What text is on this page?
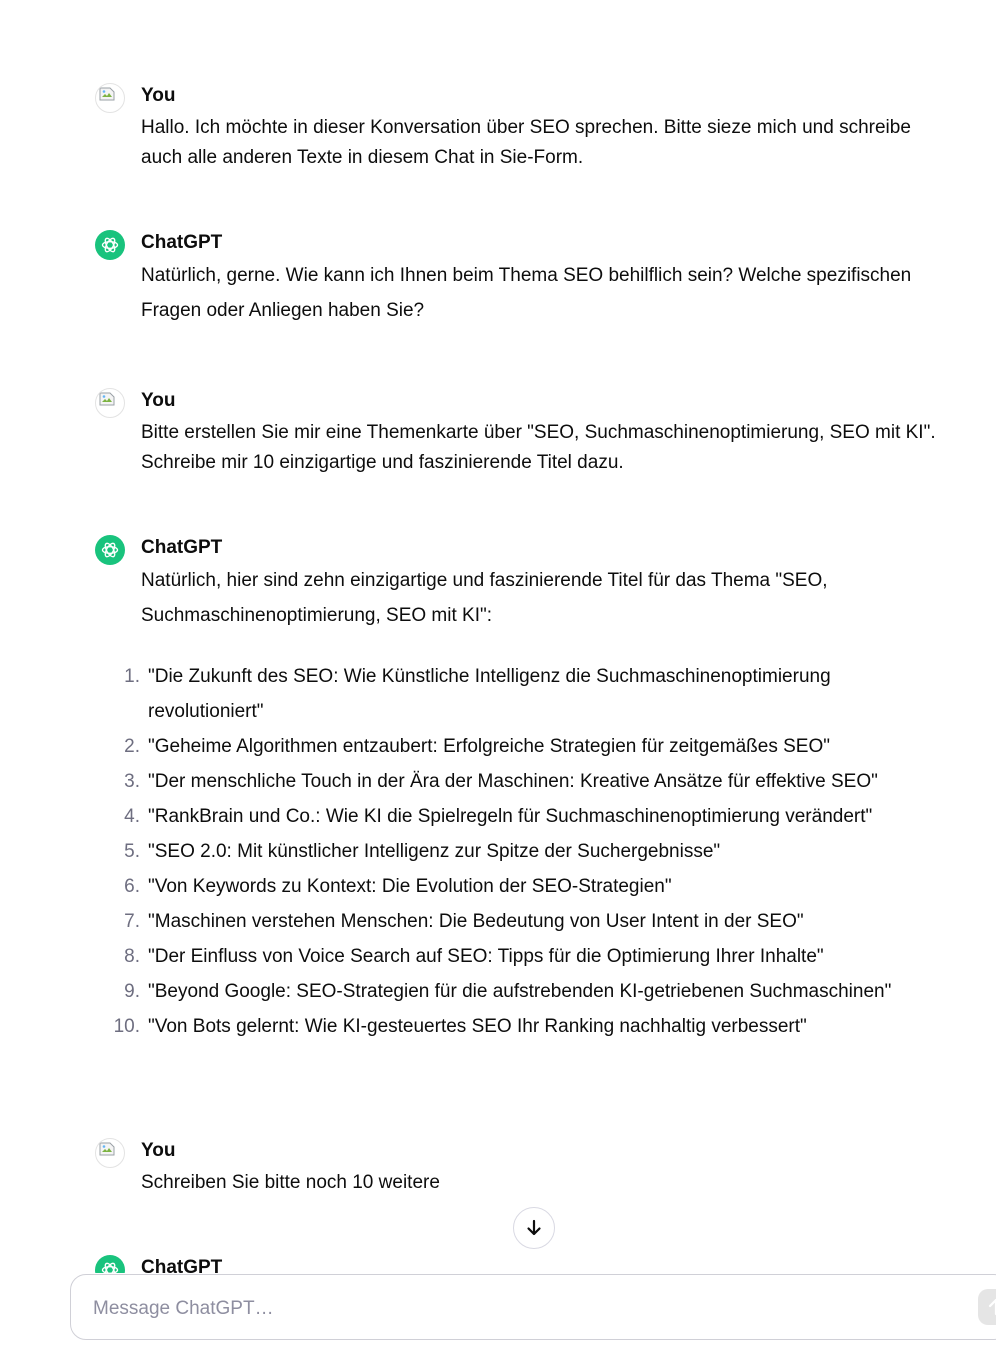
You
Hallo. Ich möchte in dieser Konversation über SEO sprechen. Bitte sieze mich und schreibe auch alle anderen Texte in diesem Chat in Sie-Form.
ChatGPT
Natürlich, gerne. Wie kann ich Ihnen beim Thema SEO behilflich sein? Welche spezifischen Fragen oder Anliegen haben Sie?
You
Bitte erstellen Sie mir eine Themenkarte über "SEO, Suchmaschinenoptimierung, SEO mit KI". Schreibe mir 10 einzigartige und faszinierende Titel dazu.
ChatGPT
Natürlich, hier sind zehn einzigartige und faszinierende Titel für das Thema "SEO, Suchmaschinenoptimierung, SEO mit KI":
1. "Die Zukunft des SEO: Wie Künstliche Intelligenz die Suchmaschinenoptimierung revolutioniert"
2. "Geheime Algorithmen entzaubert: Erfolgreiche Strategien für zeitgemäßes SEO"
3. "Der menschliche Touch in der Ära der Maschinen: Kreative Ansätze für effektive SEO"
4. "RankBrain und Co.: Wie KI die Spielregeln für Suchmaschinenoptimierung verändert"
5. "SEO 2.0: Mit künstlicher Intelligenz zur Spitze der Suchergebnisse"
6. "Von Keywords zu Kontext: Die Evolution der SEO-Strategien"
7. "Maschinen verstehen Menschen: Die Bedeutung von User Intent in der SEO"
8. "Der Einfluss von Voice Search auf SEO: Tipps für die Optimierung Ihrer Inhalte"
9. "Beyond Google: SEO-Strategien für die aufstrebenden KI-getriebenen Suchmaschinen"
10. "Von Bots gelernt: Wie KI-gesteuertes SEO Ihr Ranking nachhaltig verbessert"
You
Schreiben Sie bitte noch 10 weitere
ChatGPT
Message ChatGPT…
